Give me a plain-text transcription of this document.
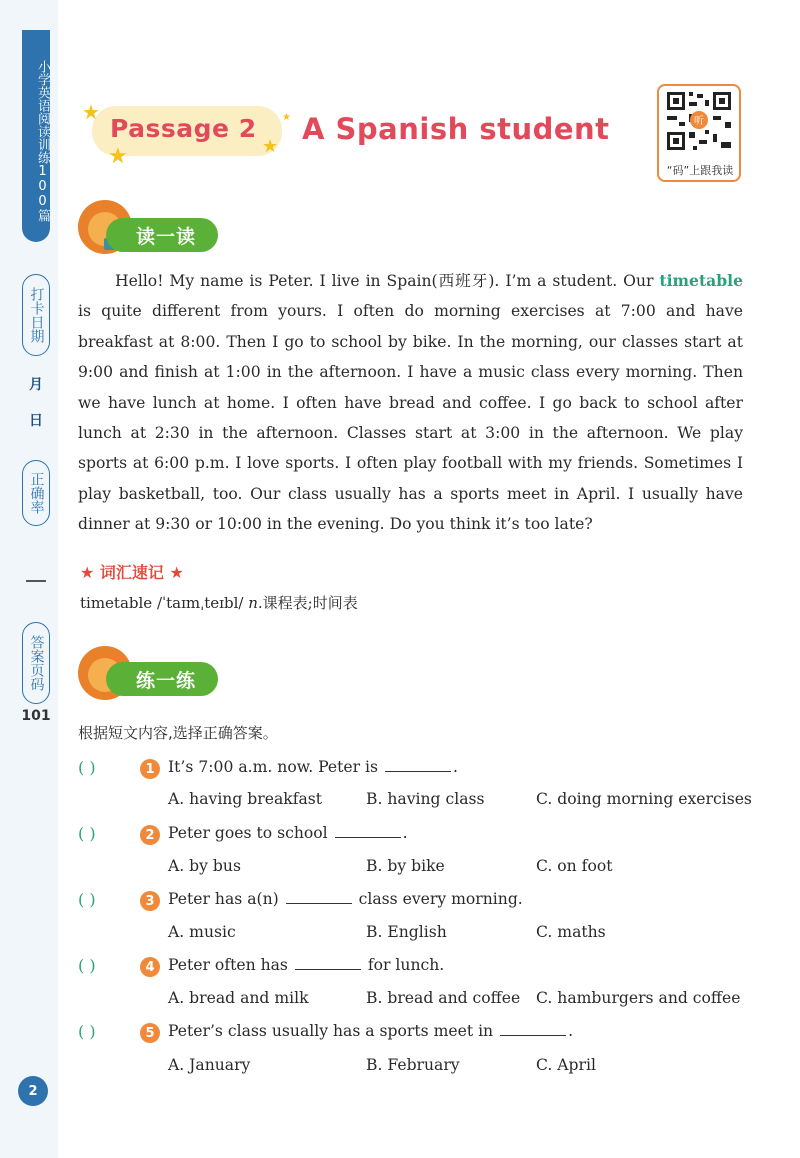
小学英语阅读训练100篇
打卡日期
月
日
正确率
答案页码
101
2
★
★	★
★
Passage 2 A Spanish student	听
“码”上跟我读
读一读
Hello! My name is Peter. I live in Spain(西班牙). I’m a student. Our timetable is quite different from yours. I often do morning exercises at 7:00 and have breakfast at 8:00. Then I go to school by bike. In the morning, our classes start at 9:00 and finish at 1:00 in the afternoon. I have a music class every morning. Then we have lunch at home. I often have bread and coffee. I go back to school after lunch at 2:30 in the afternoon. Classes start at 3:00 in the afternoon. We play sports at 6:00 p.m. I love sports. I often play football with my friends. Sometimes I play basketball, too. Our class usually has a sports meet in April. I usually have dinner at 9:30 or 10:00 in the evening. Do you think it’s too late?
★ 词汇速记 ★
timetable /ˈtaɪmˌteɪbl/ n.课程表;时间表
练一练
根据短文内容,选择正确答案。
( )	1 It’s 7:00 a.m. now. Peter is	.
A. having breakfast	B. having class	C. doing morning exercises
( )	2 Peter goes to school	.
A. by bus	B. by bike	C. on foot
( )	3 Peter has a(n)	class every morning.
A. music	B. English	C. maths
( )	4 Peter often has	for lunch.
A. bread and milk	B. bread and coffee C. hamburgers and coffee
( )	5 Peter’s class usually has a sports meet in	.
A. January	B. February	C. April
